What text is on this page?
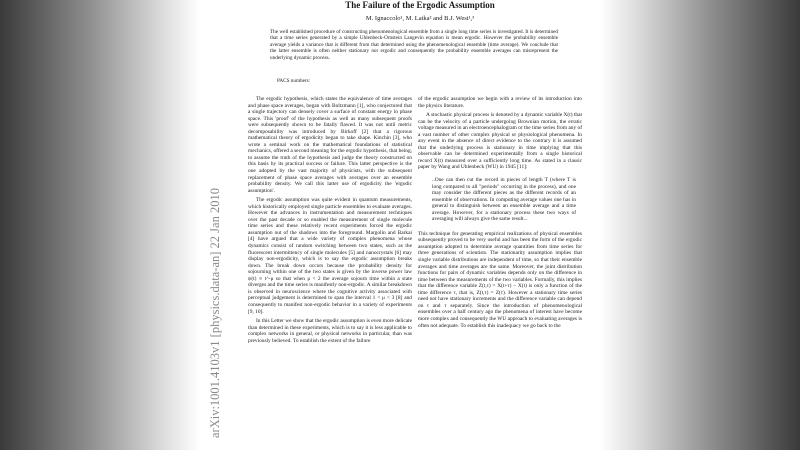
The Failure of the Ergodic Assumption
M. Ignaccolo¹, M. Latka² and B.J. West¹,³
The well established procedure of constructing phenomenological ensemble from a single long time series is investigated. It is determined that a time series generated by a simple Uhlenbeck-Ornstein Langevin equation is mean ergodic. However the probability ensemble average yields a variance that is different from that determined using the phenomenological ensemble (time average). We conclude that the latter ensemble is often neither stationary nor ergodic and consequently the probability ensemble averages can misrepresent the underlying dynamic process.
PACS numbers:
arXiv:1001.4103v1 [physics.data-an] 22 Jan 2010

The ergodic hypothesis, which states the equivalence of time averages and phase space averages, began with Boltzmann [1], who conjectured that a single trajectory can densely cover a surface of constant energy in phase space. This 'proof' of the hypothesis as well as many subsequent proofs were subsequently shown to be fatally flawed. It was not until metric decomposability was introduced by Birkoff [2] that a rigorous mathematical theory of ergodicity began to take shape. Kinchin [3], who wrote a seminal work on the mathematical foundations of statistical mechanics, offered a second meaning for the ergodic hypothesis, that being, to assume the truth of the hypothesis and judge the theory constructed on this basis by its practical success or failure. This latter perspective is the one adopted by the vast majority of physicists, with the subsequent replacement of phase space averages with averages over an ensemble probability density. We call this latter use of ergodicity the 'ergodic assumption'.

The ergodic assumption was quite evident in quantum measurements, which historically employed single particle ensembles to evaluate averages. However the advances in instrumentation and measurement techniques over the past decade or so enabled the measurement of single molecule time series and these relatively recent experiments forced the ergodic assumption out of the shadows into the foreground. Margolin and Barkai [4] have argued that a wide variety of complex phenomena whose dynamics consist of random switching between two states, such as the fluorescent intermittency of single molecules [5] and nanocrystals [6] may display non-ergodicity, which is to say the ergodic assumption breaks down. The break down occurs because the probability density for sojourning within one of the two states is given by the inverse power law ψ(t) ∝ t^-μ so that when μ < 2 the average sojourn time within a state diverges and the time series is manifestly non-ergodic. A similar breakdown is observed in neuroscience where the cognitive activity associated with perceptual judgement is determined to span the interval 1 < μ < 3 [8] and consequently to manifest non-ergodic behavior in a variety of experiments [9, 10].

In this Letter we show that the ergodic assumption is even more delicate than determined in these experiments, which is to say it is less applicable to complex networks in general, or physical networks in particular, than was previously believed. To establish the extent of the failure

of the ergodic assumption we begin with a review of its introduction into the physics literature.

A stochastic physical process is denoted by a dynamic variable X(t) that can be the velocity of a particle undergoing Brownian motion, the erratic voltage measured in an electroencephalogram or the time series from any of a vast number of other complex physical or physiological phenomena. In any event in the absence of direct evidence to the contrary it is assumed that the underlying process is stationary in time implying that this observable can be determined experimentally from a single historical record X(t) measured over a sufficiently long time. As stated in a classic paper by Wang and Uhlenbeck (WU) in 1945 [11]:

..One can then cut the record in pieces of length T (where T is long compared to all "periods" occurring in the process), and one may consider the different pieces as the different records of an ensemble of observations. In computing average values one has in general to distinguish between an ensemble average and a time average. However, for a stationary process these two ways of averaging will always give the same result...

This technique for generating empirical realizations of physical ensembles subsequently proved to be very useful and has been the form of the ergodic assumption adopted to determine average quantities from time series for three generations of scientists. The stationarity assumption implies that single variable distributions are independent of time, so that their ensemble averages and time averages are the same. Moreover, the joint distribution functions for pairs of dynamic variables depends only on the difference in time between the measurements of the two variables. Formally, this implies that the difference variable Z(t,τ) = X(t+τ) − X(t) is only a function of the time difference τ, that is, Z(t,τ) = Z(τ). However a stationary time series need not have stationary increments and the difference variable can depend on t and τ separately. Since the introduction of phenomenological ensembles over a half century ago the phenomena of interest have become more complex and consequently the WU approach to evaluating averages is often not adequate. To establish this inadequacy we go back to the
